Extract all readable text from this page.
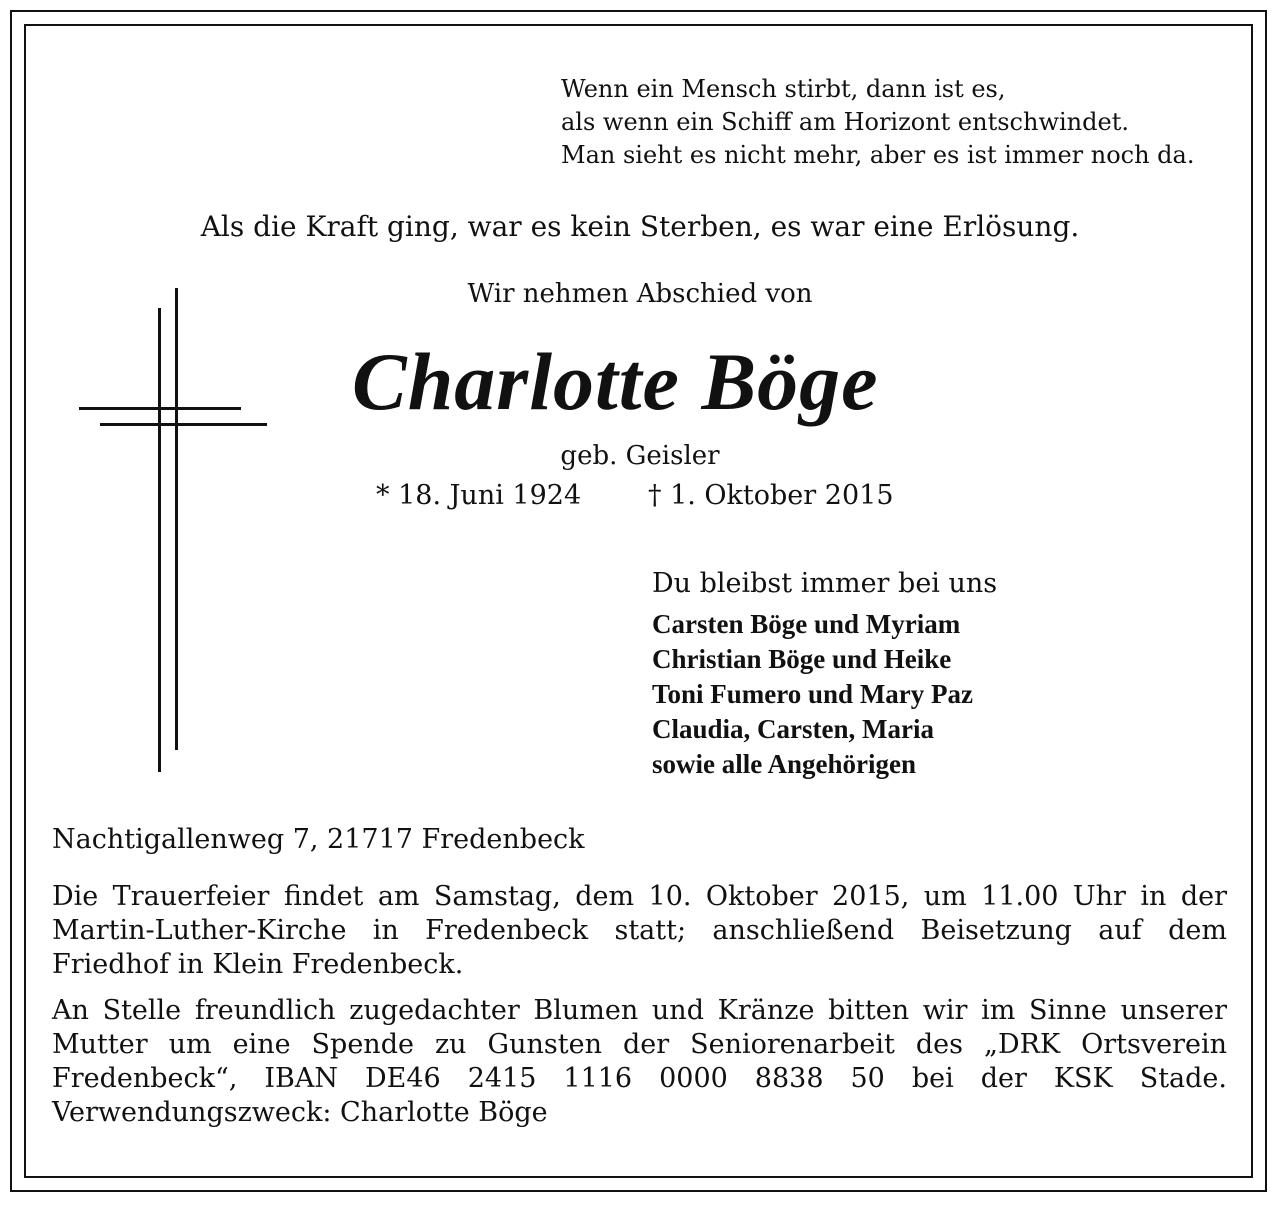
Wenn ein Mensch stirbt, dann ist es,
als wenn ein Schiff am Horizont entschwindet.
Man sieht es nicht mehr, aber es ist immer noch da.
Als die Kraft ging, war es kein Sterben, es war eine Erlösung.
Wir nehmen Abschied von
Charlotte Böge
geb. Geisler
* 18. Juni 1924 † 1. Oktober 2015
Du bleibst immer bei uns
Carsten Böge und Myriam
Christian Böge und Heike
Toni Fumero und Mary Paz
Claudia, Carsten, Maria
sowie alle Angehörigen
Nachtigallenweg 7, 21717 Fredenbeck

Die Trauerfeier findet am Samstag, dem 10. Oktober 2015, um 11.00 Uhr in der Martin-Luther-Kirche in Fredenbeck statt; anschließend Beisetzung auf dem Friedhof in Klein Fredenbeck.

An Stelle freundlich zugedachter Blumen und Kränze bitten wir im Sinne unserer Mutter um eine Spende zu Gunsten der Seniorenarbeit des „DRK Ortsverein Fredenbeck“, IBAN DE46 2415 1116 0000 8838 50 bei der KSK Stade. Verwendungszweck: Charlotte Böge
